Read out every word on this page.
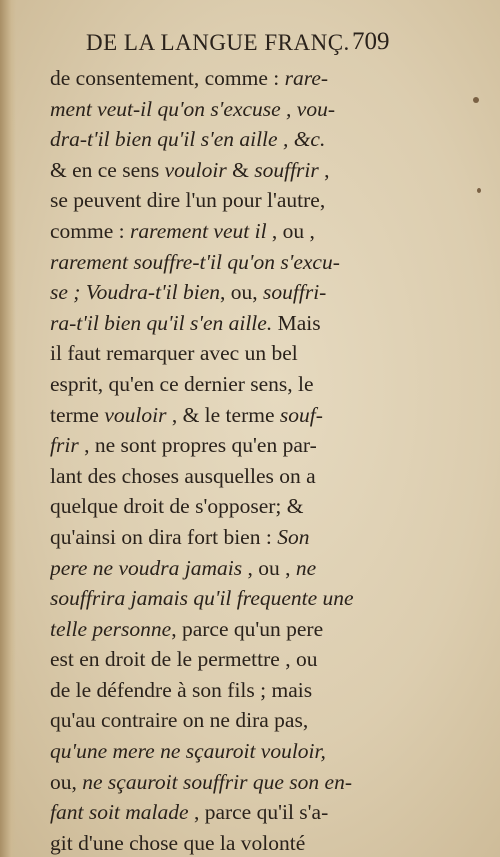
DE LA LANGUE FRANÇ. 709
de consentement, comme : rare-
ment veut-il qu'on s'excuse , vou-
dra-t'il bien qu'il s'en aille , &c.
& en ce sens vouloir & souffrir ,
se peuvent dire l'un pour l'autre,
comme : rarement veut il , ou ,
rarement souffre-t'il qu'on s'excu-
se ; Voudra-t'il bien, ou, souffri-
ra-t'il bien qu'il s'en aille. Mais
il faut remarquer avec un bel
esprit, qu'en ce dernier sens, le
terme vouloir , & le terme souf-
frir , ne sont propres qu'en par-
lant des choses ausquelles on a
quelque droit de s'opposer; &
qu'ainsi on dira fort bien : Son
pere ne voudra jamais , ou , ne
souffrira jamais qu'il frequente une
telle personne, parce qu'un pere
est en droit de le permettre , ou
de le défendre à son fils ; mais
qu'au contraire on ne dira pas,
qu'une mere ne sçauroit vouloir,
ou, ne sçauroit souffrir que son en-
fant soit malade , parce qu'il s'a-
git d'une chose que la volonté
